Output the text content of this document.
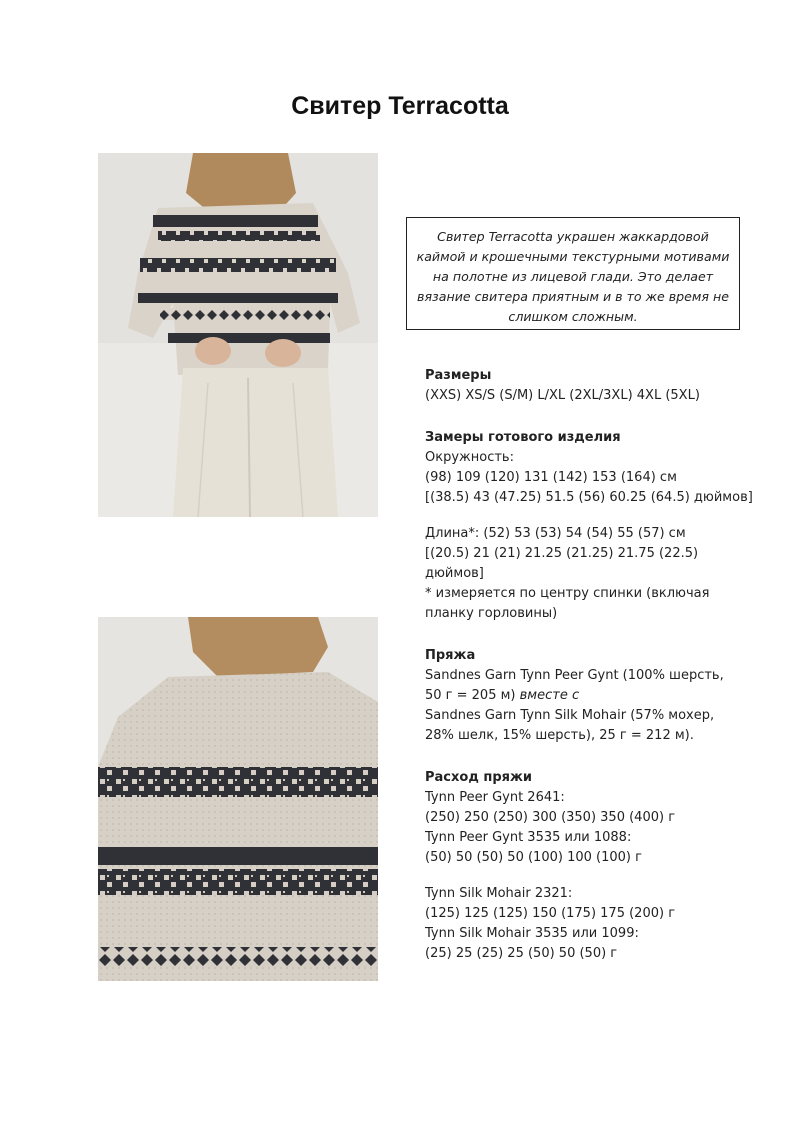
Свитер Terracotta
Свитер Terracotta украшен жаккардовой каймой и крошечными текстурными мотивами на полотне из лицевой глади. Это делает вязание свитера приятным и в то же время не слишком сложным.
Размеры
(XXS) XS/S (S/M) L/XL (2XL/3XL) 4XL (5XL)
Замеры готового изделия
Окружность:
(98) 109 (120) 131 (142) 153 (164) см
[(38.5) 43 (47.25) 51.5 (56) 60.25 (64.5) дюймов]
Длина*: (52) 53 (53) 54 (54) 55 (57) см
[(20.5) 21 (21) 21.25 (21.25) 21.75 (22.5)
дюймов]
* измеряется по центру спинки (включая
планку горловины)
Пряжа
Sandnes Garn Tynn Peer Gynt (100% шерсть,
50 г = 205 м) вместе с
Sandnes Garn Tynn Silk Mohair (57% мохер,
28% шелк, 15% шерсть), 25 г = 212 м).
Расход пряжи
Tynn Peer Gynt 2641:
(250) 250 (250) 300 (350) 350 (400) г
Tynn Peer Gynt 3535 или 1088:
(50) 50 (50) 50 (100) 100 (100) г
Tynn Silk Mohair 2321:
(125) 125 (125) 150 (175) 175 (200) г
Tynn Silk Mohair 3535 или 1099:
(25) 25 (25) 25 (50) 50 (50) г
